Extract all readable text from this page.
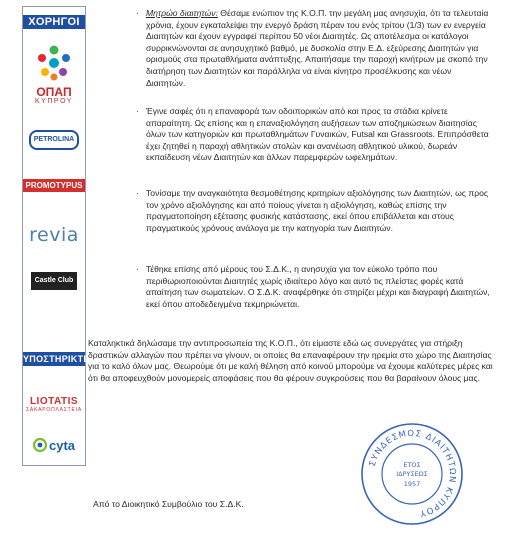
ΧΟΡΗΓΟΙ
ΟΠΑΠ
ΚΥΠΡΟΥ
PETROLINA
PROMOTYPUS
revia
Castle Club
ΥΠΟΣΤΗΡΙΚΤΕΣ
LIOTATIS
ΣΑΚΑΡΟΠΛΑΣΤΕΙΑ
cyta
· Μητρώο διαιτητών: Θέσαμε ενώπιον της Κ.Ο.Π. την μεγάλη μας ανησυχία, ότι τα τελευταία χρόνια, έχουν εγκαταλείψει την ενεργό δράση πέραν του ενός τρίτου (1/3) των εν ενεργεία Διαιτητών και έχουν εγγραφεί περίπου 50 νέοι Διαιτητές. Ως αποτέλεσμα οι κατάλογοι συρρικνώνονται σε ανησυχητικό βαθμό, με δυσκολία στην Ε.Δ. εξεύρεσης Διαιτητών για ορισμούς στα πρωταθλήματα ανάπτυξης. Απαιτήσαμε την παροχή κινήτρων με σκοπό την διατήρηση των Διαιτητών και παράλληλα να είναι κίνητρο προσέλκυσης και νέων Διαιτητών.
· Έγινε σαφές ότι η επαναφορά των οδοιπορικών από και προς τα στάδια κρίνετε απαραίτητη. Ως επίσης και η επαναξιολόγηση αυξήσεων των αποζημιώσεων διαιτησίας όλων των κατηγοριών και πρωταθλημάτων Γυναικών, Futsal και Grassroots. Επιπρόσθετα έχει ζητηθεί η παροχή αθλητικών στολών και ανανέωση αθλητικού υλικού, δωρεάν εκπαίδευση νέων Διαιτητών και άλλων παρεμφερών ωφελημάτων.
· Τονίσαμε την αναγκαιότητα θεσμοθέτησης κριτηρίων αξιολόγησης των Διαιτητών, ως προς τον χρόνο αξιολόγησης και από ποίους γίνεται η αξιολόγηση, καθώς επίσης την πραγματοποίηση εξέτασης φυσικής κατάστασης, εκεί όπου επιβάλλεται και στους πραγματικούς χρόνους ανάλογα με την κατηγορία των Διαιτητών.
· Τέθηκε επίσης από μέρους του Σ.Δ.Κ., η ανησυχία για τον εύκολο τρόπο που περιθωριοποιούνται Διαιτητές χωρίς ιδιαίτερο λόγο και αυτό τις πλείστες φορές κατά απαίτηση των σωματείων. Ο Σ.Δ.Κ. αναφέρθηκε ότι στηρίζει μέχρι και διαγραφή Διαιτητών, εκεί όπου αποδεδειγμένα τεκμηριώνεται.
Καταληκτικά δηλώσαμε την αντιπροσωπεία της Κ.Ο.Π., ότι είμαστε εδώ ως συνεργάτες για στήριξη δραστικών αλλαγών που πρέπει να γίνουν, οι οποίες θα επαναφέρουν την ηρεμία στο χώρο της Διαιτησίας για το καλό όλων μας. Θεωρούμε ότι με καλή θέληση από κοινού μπορούμε να έχουμε καλύτερες μέρες και ότι θα αποφευχθούν μονομερείς αποφάσεις που θα φέρουν συγκρούσεις που θα βαραίνουν όλους μας.
Από το Διοικητικό Συμβούλιο του Σ.Δ.Κ.
ΣΥΝΔΕΣΜΟΣ ΔΙΑΙΤΗΤΩΝ ΚΥΠΡΟΥ
ΕΤΟΣ
ΙΔΡΥΣΕΩΣ
1957
